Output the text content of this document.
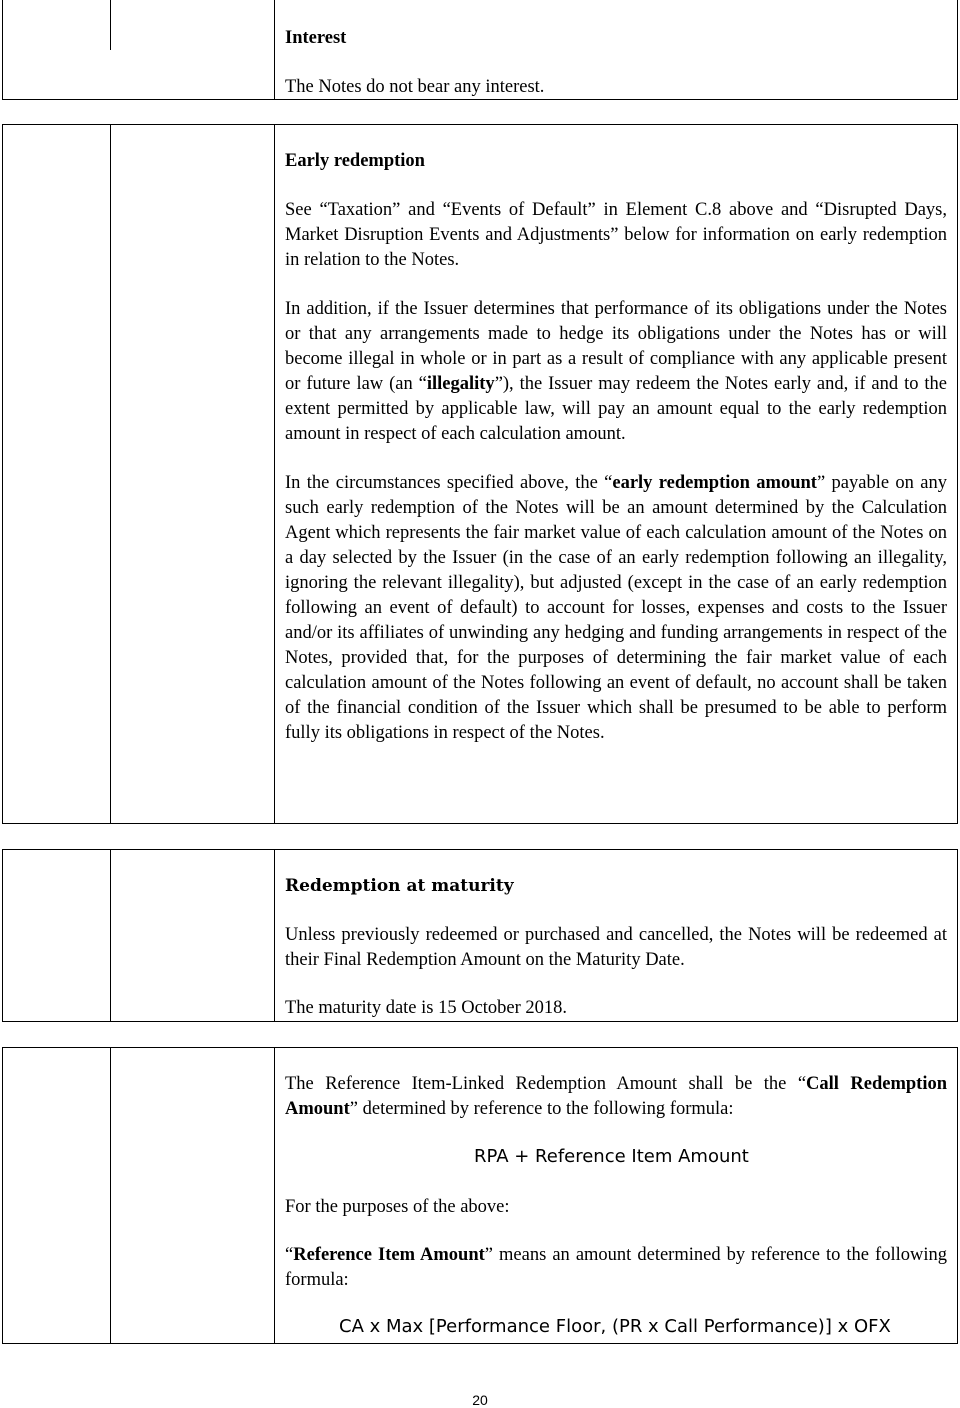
Interest

The Notes do not bear any interest.

Early redemption

See “Taxation” and “Events of Default” in Element C.8 above and “Disrupted Days, Market Disruption Events and Adjustments” below for information on early redemption in relation to the Notes.

In addition, if the Issuer determines that performance of its obligations under the Notes or that any arrangements made to hedge its obligations under the Notes has or will become illegal in whole or in part as a result of compliance with any applicable present or future law (an “illegality”), the Issuer may redeem the Notes early and, if and to the extent permitted by applicable law, will pay an amount equal to the early redemption amount in respect of each calculation amount.

In the circumstances specified above, the “early redemption amount” payable on any such early redemption of the Notes will be an amount determined by the Calculation Agent which represents the fair market value of each calculation amount of the Notes on a day selected by the Issuer (in the case of an early redemption following an illegality, ignoring the relevant illegality), but adjusted (except in the case of an early redemption following an event of default) to account for losses, expenses and costs to the Issuer and/or its affiliates of unwinding any hedging and funding arrangements in respect of the Notes, provided that, for the purposes of determining the fair market value of each calculation amount of the Notes following an event of default, no account shall be taken of the financial condition of the Issuer which shall be presumed to be able to perform fully its obligations in respect of the Notes.

Redemption at maturity

Unless previously redeemed or purchased and cancelled, the Notes will be redeemed at their Final Redemption Amount on the Maturity Date.

The maturity date is 15 October 2018.

The Reference Item-Linked Redemption Amount shall be the “Call Redemption Amount” determined by reference to the following formula:

RPA + Reference Item Amount

For the purposes of the above:

“Reference Item Amount” means an amount determined by reference to the following formula:

CA x Max [Performance Floor, (PR x Call Performance)] x OFX
20
